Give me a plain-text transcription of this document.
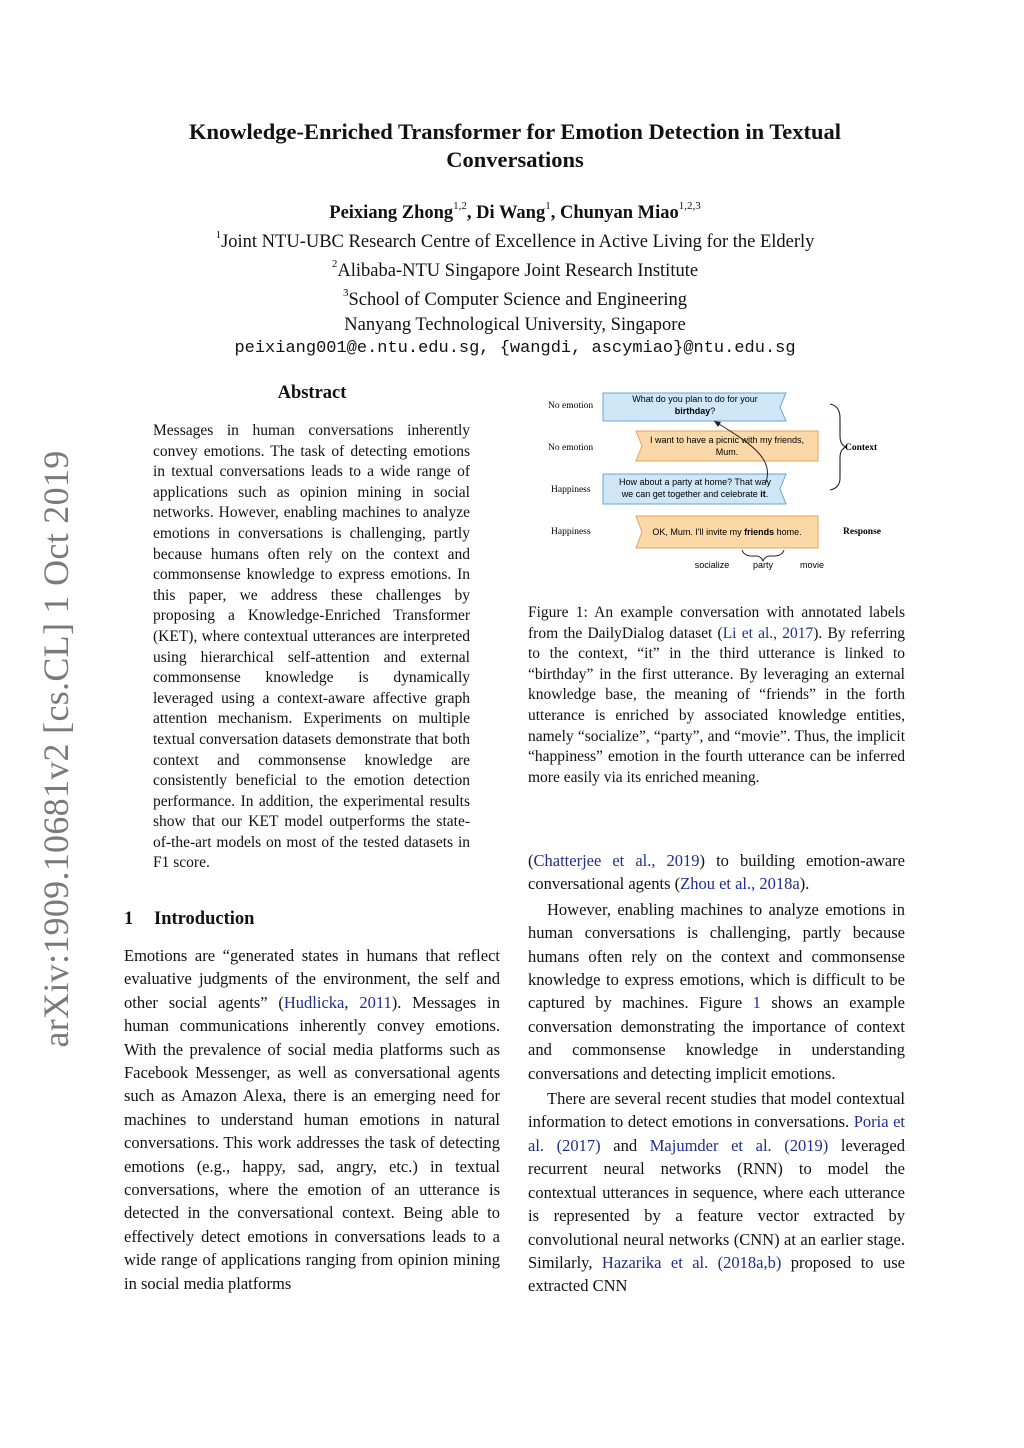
arXiv:1909.10681v2 [cs.CL] 1 Oct 2019
Knowledge-Enriched Transformer for Emotion Detection in Textual
Conversations
Peixiang Zhong$^{1,2}$, Di Wang$^1$, Chunyan Miao$^{1,2,3}$
$^1$Joint NTU-UBC Research Centre of Excellence in Active Living for the Elderly
$^2$Alibaba-NTU Singapore Joint Research Institute
$^3$School of Computer Science and Engineering
Nanyang Technological University, Singapore
peixiang001@e.ntu.edu.sg, {wangdi, ascymiao}@ntu.edu.sg
Abstract
Messages in human conversations inherently convey emotions. The task of detecting emotions in textual conversations leads to a wide range of applications such as opinion mining in social networks. However, enabling machines to analyze emotions in conversations is challenging, partly because humans often rely on the context and commonsense knowledge to express emotions. In this paper, we address these challenges by proposing a Knowledge-Enriched Transformer (KET), where contextual utterances are interpreted using hierarchical self-attention and external commonsense knowledge is dynamically leveraged using a context-aware affective graph attention mechanism. Experiments on multiple textual conversation datasets demonstrate that both context and commonsense knowledge are consistently beneficial to the emotion detection performance. In addition, the experimental results show that our KET model outperforms the state-of-the-art models on most of the tested datasets in F1 score.
1 Introduction

Emotions are “generated states in humans that reflect evaluative judgments of the environment, the self and other social agents” (Hudlicka, 2011). Messages in human communications inherently convey emotions. With the prevalence of social media platforms such as Facebook Messenger, as well as conversational agents such as Amazon Alexa, there is an emerging need for machines to understand human emotions in natural conversations. This work addresses the task of detecting emotions (e.g., happy, sad, angry, etc.) in textual conversations, where the emotion of an utterance is detected in the conversational context. Being able to effectively detect emotions in conversations leads to a wide range of applications ranging from opinion mining in social media platforms

No emotion
No emotion
Happiness
Happiness
What do you plan to do for your
birthday?
I want to have a picnic with my friends,
Mum.
How about a party at home? That way
we can get together and celebrate it.
OK, Mum. I'll invite my friends home.
Context
Response
socialize	party	movie
Figure 1: An example conversation with annotated labels from the DailyDialog dataset (Li et al., 2017). By referring to the context, “it” in the third utterance is linked to “birthday” in the first utterance. By leveraging an external knowledge base, the meaning of “friends” in the forth utterance is enriched by associated knowledge entities, namely “socialize”, “party”, and “movie”. Thus, the implicit “happiness” emotion in the fourth utterance can be inferred more easily via its enriched meaning.

(Chatterjee et al., 2019) to building emotion-aware conversational agents (Zhou et al., 2018a).

However, enabling machines to analyze emotions in human conversations is challenging, partly because humans often rely on the context and commonsense knowledge to express emotions, which is difficult to be captured by machines. Figure 1 shows an example conversation demonstrating the importance of context and commonsense knowledge in understanding conversations and detecting implicit emotions.

There are several recent studies that model contextual information to detect emotions in conversations. Poria et al. (2017) and Majumder et al. (2019) leveraged recurrent neural networks (RNN) to model the contextual utterances in sequence, where each utterance is represented by a feature vector extracted by convolutional neural networks (CNN) at an earlier stage. Similarly, Hazarika et al. (2018a,b) proposed to use extracted CNN
